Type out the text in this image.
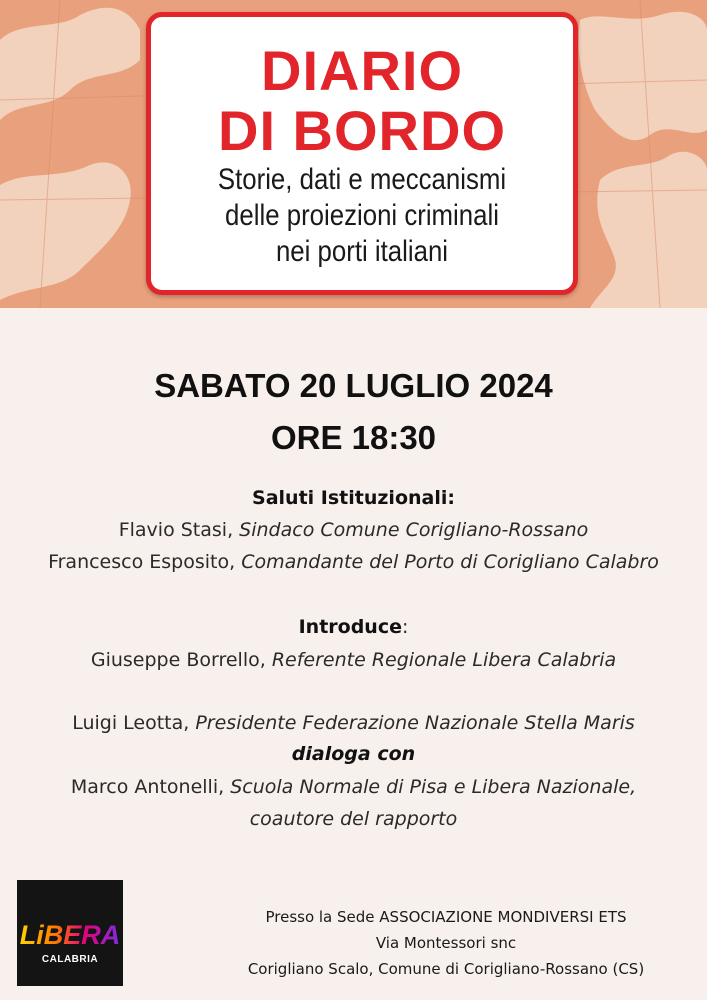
DIARIO
DI BORDO
Storie, dati e meccanismi
delle proiezioni criminali
nei porti italiani
SABATO 20 LUGLIO 2024
ORE 18:30
Saluti Istituzionali:
Flavio Stasi, Sindaco Comune Corigliano-Rossano
Francesco Esposito, Comandante del Porto di Corigliano Calabro
Introduce:
Giuseppe Borrello, Referente Regionale Libera Calabria
Luigi Leotta, Presidente Federazione Nazionale Stella Maris
dialoga con
Marco Antonelli, Scuola Normale di Pisa e Libera Nazionale,
coautore del rapporto
LiBERA
CALABRIA
Presso la Sede ASSOCIAZIONE MONDIVERSI ETS
Via Montessori snc
Corigliano Scalo, Comune di Corigliano-Rossano (CS)
